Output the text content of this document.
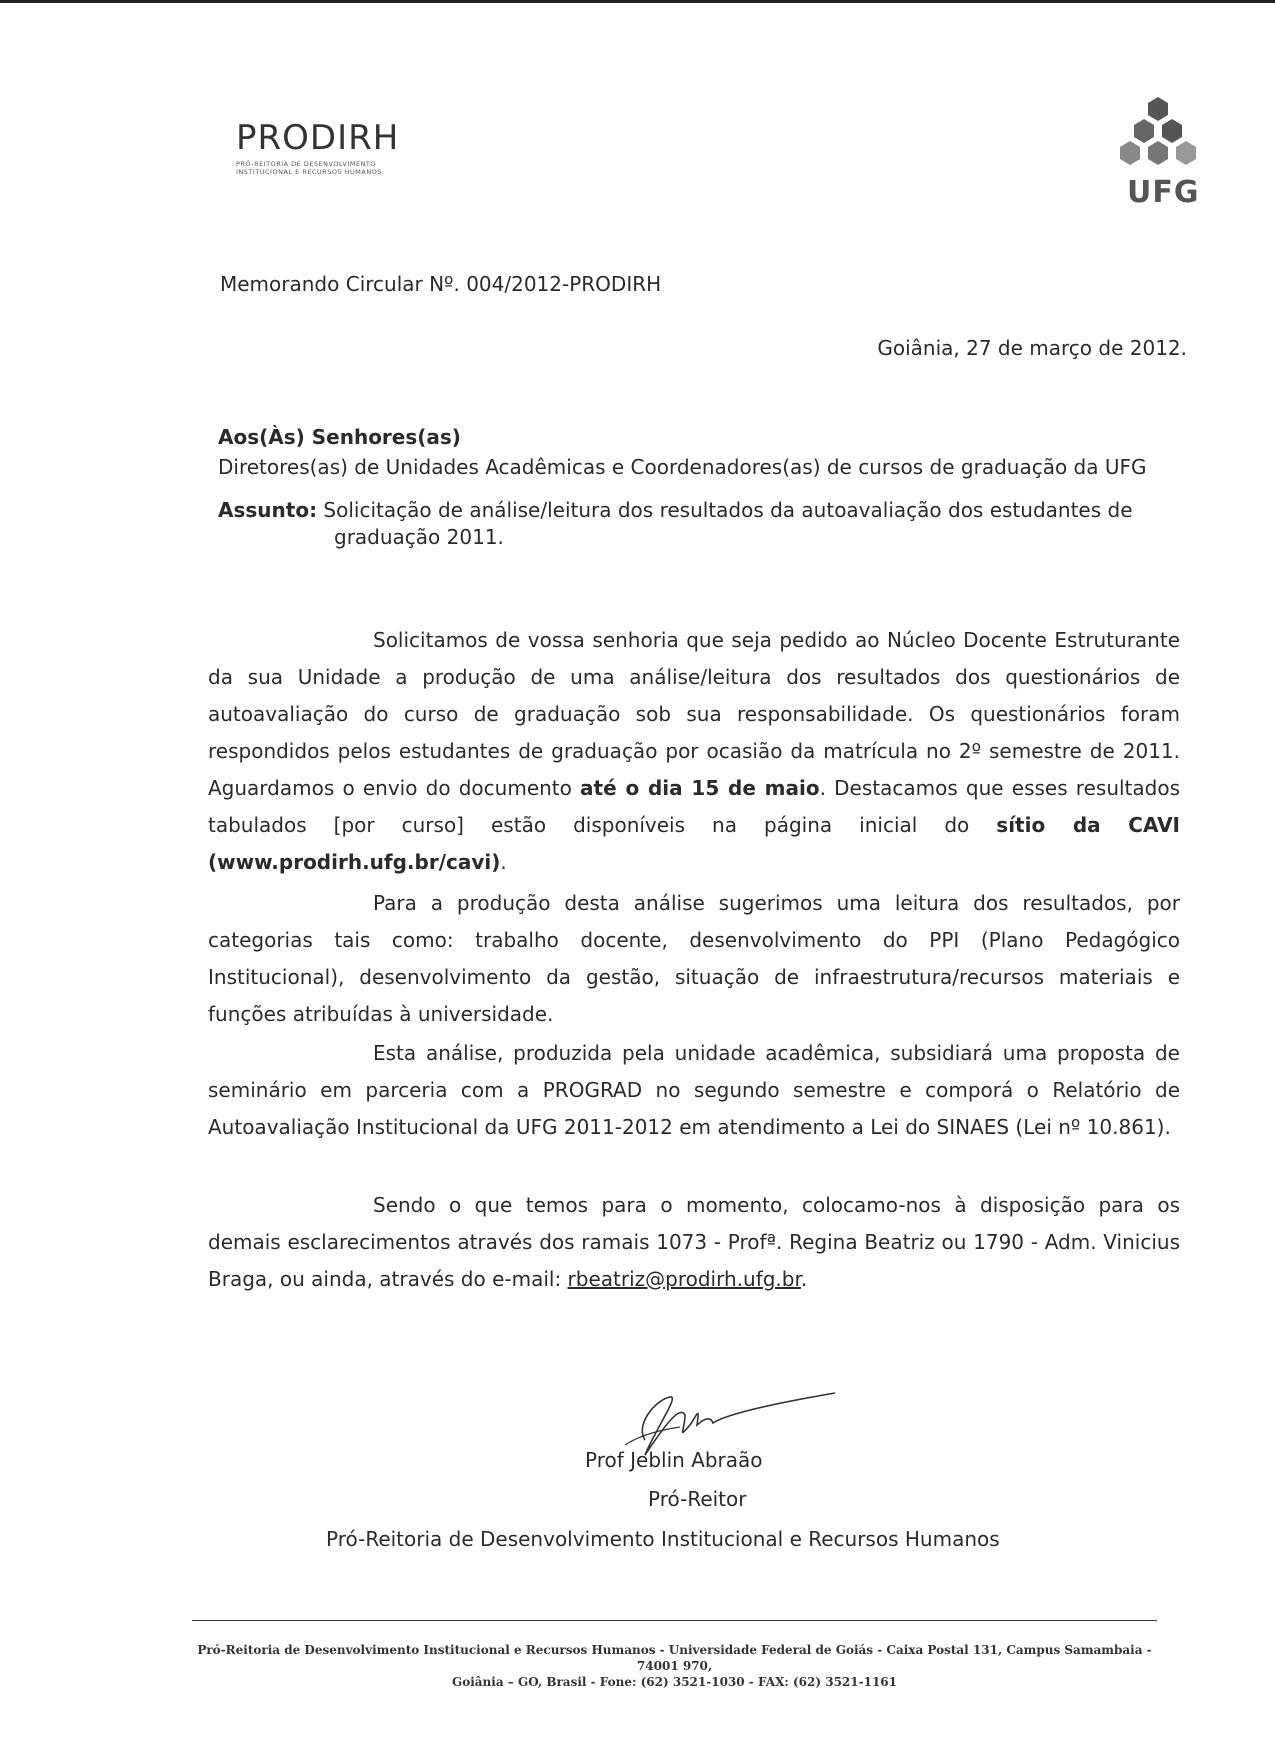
PRODIRH
PRÓ-REITORIA DE DESENVOLVIMENTO
INSTITUCIONAL E RECURSOS HUMANOS
UFG
Memorando Circular Nº. 004/2012-PRODIRH
Goiânia, 27 de março de 2012.
Aos(Às) Senhores(as)
Diretores(as) de Unidades Acadêmicas e Coordenadores(as) de cursos de graduação da UFG
Assunto: Solicitação de análise/leitura dos resultados da autoavaliação dos estudantes de
graduação 2011.
Solicitamos de vossa senhoria que seja pedido ao Núcleo Docente Estruturante da sua Unidade a produção de uma análise/leitura dos resultados dos questionários de autoavaliação do curso de graduação sob sua responsabilidade. Os questionários foram respondidos pelos estudantes de graduação por ocasião da matrícula no 2º semestre de 2011. Aguardamos o envio do documento até o dia 15 de maio. Destacamos que esses resultados tabulados [por curso] estão disponíveis na página inicial do sítio da CAVI (www.prodirh.ufg.br/cavi).
Para a produção desta análise sugerimos uma leitura dos resultados, por categorias tais como: trabalho docente, desenvolvimento do PPI (Plano Pedagógico Institucional), desenvolvimento da gestão, situação de infraestrutura/recursos materiais e funções atribuídas à universidade.
Esta análise, produzida pela unidade acadêmica, subsidiará uma proposta de seminário em parceria com a PROGRAD no segundo semestre e comporá o Relatório de Autoavaliação Institucional da UFG 2011-2012 em atendimento a Lei do SINAES (Lei nº 10.861).
Sendo o que temos para o momento, colocamo-nos à disposição para os demais esclarecimentos através dos ramais 1073 - Profª. Regina Beatriz ou 1790 - Adm. Vinicius Braga, ou ainda, através do e-mail: rbeatriz@prodirh.ufg.br.
Prof Jeblin Abraão
Pró-Reitor
Pró-Reitoria de Desenvolvimento Institucional e Recursos Humanos
Pró-Reitoria de Desenvolvimento Institucional e Recursos Humanos - Universidade Federal de Goiás - Caixa Postal 131, Campus Samambaia - 74001 970,
Goiânia – GO, Brasil - Fone: (62) 3521-1030 - FAX: (62) 3521-1161
